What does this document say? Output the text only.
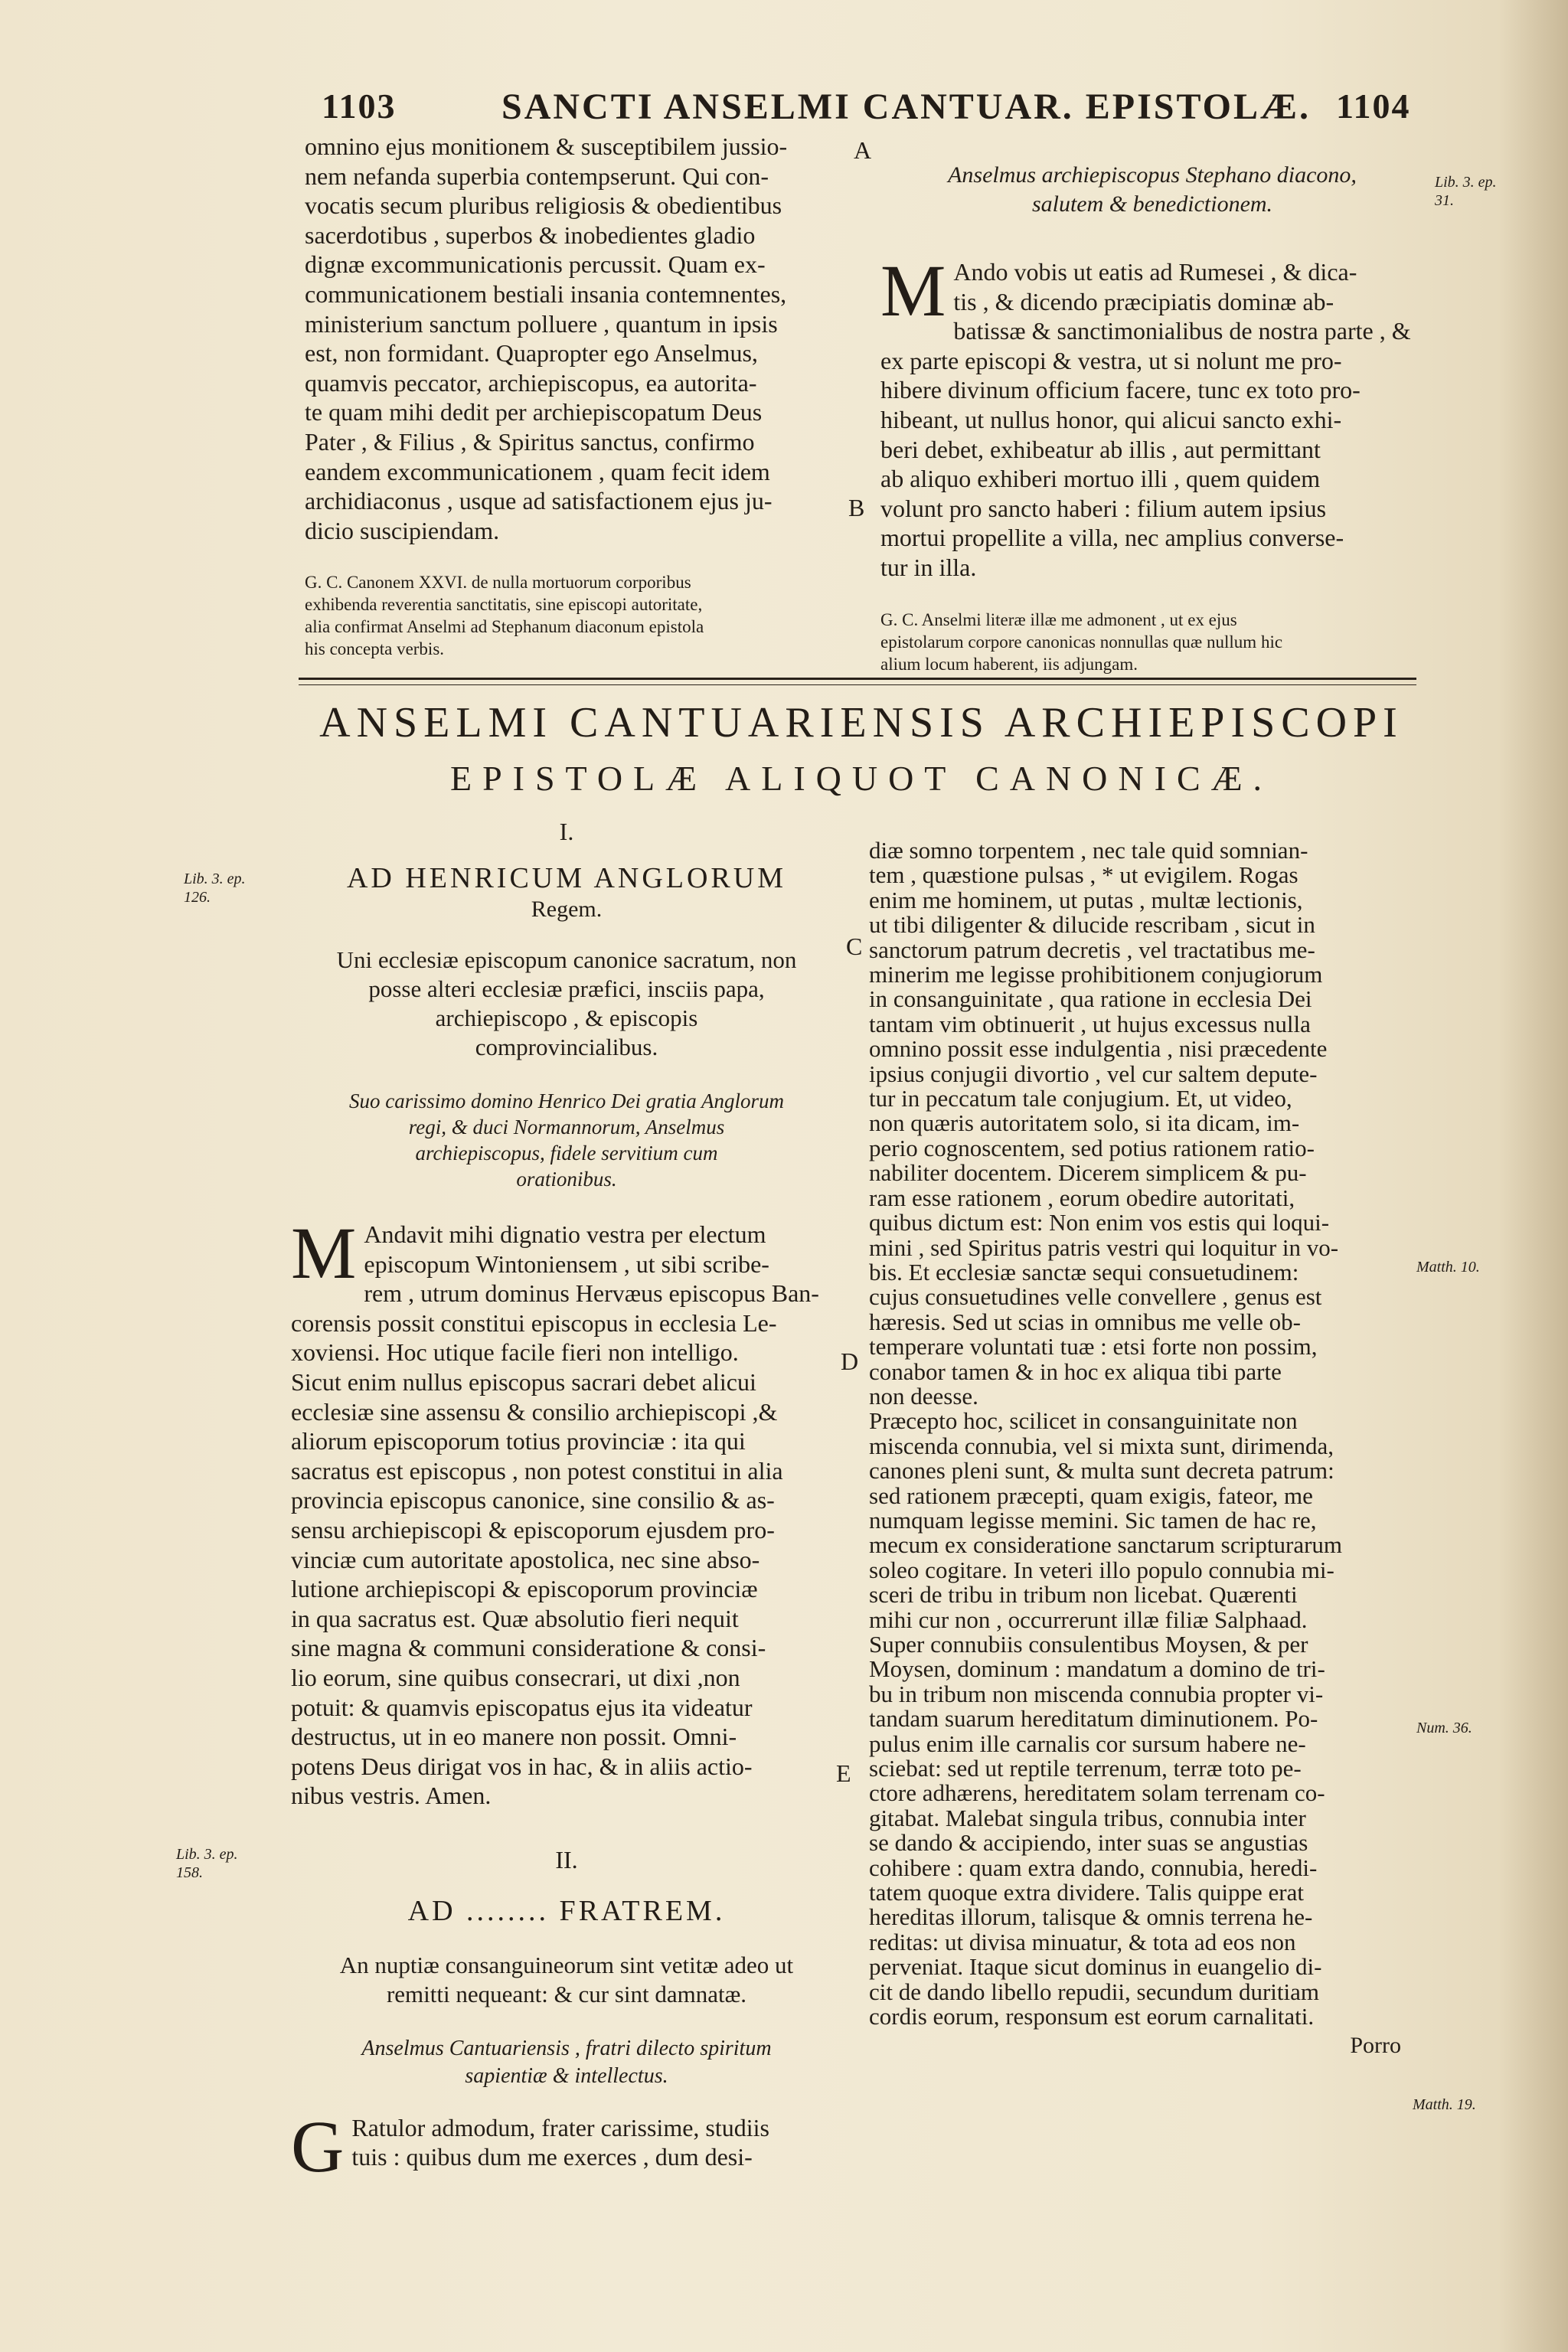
1103	SANCTI ANSELMI CANTUAR. EPISTOLÆ. 1104
omnino ejus monitionem & susceptibilem jussio-
nem nefanda superbia contempserunt. Qui con-
vocatis secum pluribus religiosis & obedientibus
sacerdotibus , superbos & inobedientes gladio
dignæ excommunicationis percussit. Quam ex-
communicationem bestiali insania contemnentes,
ministerium sanctum polluere , quantum in ipsis
est, non formidant. Quapropter ego Anselmus,
quamvis peccator, archiepiscopus, ea autorita-
te quam mihi dedit per archiepiscopatum Deus
Pater , & Filius , & Spiritus sanctus, confirmo
eandem excommunicationem , quam fecit idem
archidiaconus , usque ad satisfactionem ejus ju-
dicio suscipiendam.
G. C. Canonem XXVI. de nulla mortuorum corporibus
exhibenda reverentia sanctitatis, sine episcopi autoritate,
alia confirmat Anselmi ad Stephanum diaconum epistola
his concepta verbis.
Anselmus archiepiscopus Stephano diacono,
salutem & benedictionem.
M Ando vobis ut eatis ad Rumesei , & dica-
tis , & dicendo præcipiatis dominæ ab-
batissæ & sanctimonialibus de nostra parte , &
ex parte episcopi & vestra, ut si nolunt me pro-
hibere divinum officium facere, tunc ex toto pro-
hibeant, ut nullus honor, qui alicui sancto exhi-
beri debet, exhibeatur ab illis , aut permittant
ab aliquo exhiberi mortuo illi , quem quidem
volunt pro sancto haberi : filium autem ipsius
mortui propellite a villa, nec amplius converse-
tur in illa.
G. C. Anselmi literæ illæ me admonent , ut ex ejus
epistolarum corpore canonicas nonnullas quæ nullum hic
alium locum haberent, iis adjungam.
A
B
C
D
E
Lib. 3. ep. 31.
Lib. 3. ep. 126.
Lib. 3. ep. 158.
Matth. 10.
Num. 36.
Matth. 19.
ANSELMI CANTUARIENSIS ARCHIEPISCOPI
EPISTOLÆ ALIQUOT CANONICÆ.
I.
AD HENRICUM ANGLORUM
Regem.
Uni ecclesiæ episcopum canonice sacratum, non
posse alteri ecclesiæ præfici, insciis papa,
archiepiscopo , & episcopis
comprovincialibus.
Suo carissimo domino Henrico Dei gratia Anglorum
regi, & duci Normannorum, Anselmus
archiepiscopus, fidele servitium cum
orationibus.
M Andavit mihi dignatio vestra per electum
episcopum Wintoniensem , ut sibi scribe-
rem , utrum dominus Hervæus episcopus Ban-
corensis possit constitui episcopus in ecclesia Le-
xoviensi. Hoc utique facile fieri non intelligo.
Sicut enim nullus episcopus sacrari debet alicui
ecclesiæ sine assensu & consilio archiepiscopi ,&
aliorum episcoporum totius provinciæ : ita qui
sacratus est episcopus , non potest constitui in alia
provincia episcopus canonice, sine consilio & as-
sensu archiepiscopi & episcoporum ejusdem pro-
vinciæ cum autoritate apostolica, nec sine abso-
lutione archiepiscopi & episcoporum provinciæ
in qua sacratus est. Quæ absolutio fieri nequit
sine magna & communi consideratione & consi-
lio eorum, sine quibus consecrari, ut dixi ,non
potuit: & quamvis episcopatus ejus ita videatur
destructus, ut in eo manere non possit. Omni-
potens Deus dirigat vos in hac, & in aliis actio-
nibus vestris. Amen.
II.
AD ........ FRATREM.
An nuptiæ consanguineorum sint vetitæ adeo ut
remitti nequeant: & cur sint damnatæ.
Anselmus Cantuariensis , fratri dilecto spiritum
sapientiæ & intellectus.
G Ratulor admodum, frater carissime, studiis
tuis : quibus dum me exerces , dum desi-
diæ somno torpentem , nec tale quid somnian-
tem , quæstione pulsas , * ut evigilem. Rogas
enim me hominem, ut putas , multæ lectionis,
ut tibi diligenter & dilucide rescribam , sicut in
sanctorum patrum decretis , vel tractatibus me-
minerim me legisse prohibitionem conjugiorum
in consanguinitate , qua ratione in ecclesia Dei
tantam vim obtinuerit , ut hujus excessus nulla
omnino possit esse indulgentia , nisi præcedente
ipsius conjugii divortio , vel cur saltem depute-
tur in peccatum tale conjugium. Et, ut video,
non quæris autoritatem solo, si ita dicam, im-
perio cognoscentem, sed potius rationem ratio-
nabiliter docentem. Dicerem simplicem & pu-
ram esse rationem , eorum obedire autoritati,
quibus dictum est: Non enim vos estis qui loqui-
mini , sed Spiritus patris vestri qui loquitur in vo-
bis. Et ecclesiæ sanctæ sequi consuetudinem:
cujus consuetudines velle convellere , genus est
hæresis. Sed ut scias in omnibus me velle ob-
temperare voluntati tuæ : etsi forte non possim,
conabor tamen & in hoc ex aliqua tibi parte
non deesse.
Præcepto hoc, scilicet in consanguinitate non
miscenda connubia, vel si mixta sunt, dirimenda,
canones pleni sunt, & multa sunt decreta patrum:
sed rationem præcepti, quam exigis, fateor, me
numquam legisse memini. Sic tamen de hac re,
mecum ex consideratione sanctarum scripturarum
soleo cogitare. In veteri illo populo connubia mi-
sceri de tribu in tribum non licebat. Quærenti
mihi cur non , occurrerunt illæ filiæ Salphaad.
Super connubiis consulentibus Moysen, & per
Moysen, dominum : mandatum a domino de tri-
bu in tribum non miscenda connubia propter vi-
tandam suarum hereditatum diminutionem. Po-
pulus enim ille carnalis cor sursum habere ne-
sciebat: sed ut reptile terrenum, terræ toto pe-
ctore adhærens, hereditatem solam terrenam co-
gitabat. Malebat singula tribus, connubia inter
se dando & accipiendo, inter suas se angustias
cohibere : quam extra dando, connubia, heredi-
tatem quoque extra dividere. Talis quippe erat
hereditas illorum, talisque & omnis terrena he-
reditas: ut divisa minuatur, & tota ad eos non
perveniat. Itaque sicut dominus in euangelio di-
cit de dando libello repudii, secundum duritiam
cordis eorum, responsum est eorum carnalitati.
Porro
